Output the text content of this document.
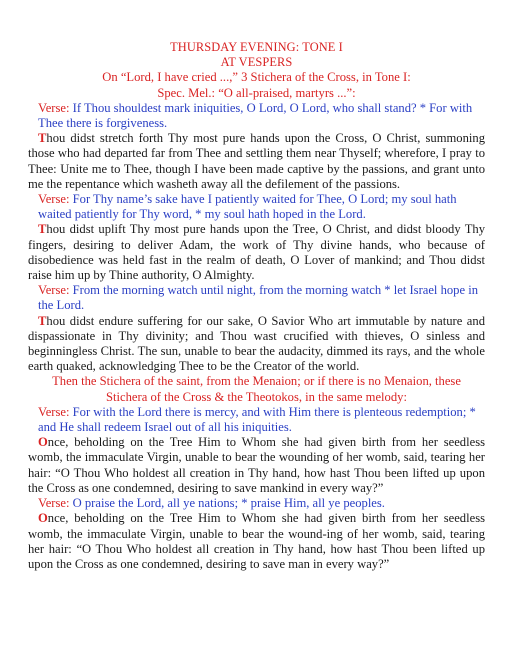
THURSDAY EVENING: TONE I

AT VESPERS

On “Lord, I have cried ...,” 3 Stichera of the Cross, in Tone I:

Spec. Mel.: “O all-praised, martyrs ...”:

Verse: If Thou shouldest mark iniquities, O Lord, O Lord, who shall stand? * For with Thee there is forgiveness.

Thou didst stretch forth Thy most pure hands upon the Cross, O Christ, summoning those who had departed far from Thee and settling them near Thyself; wherefore, I pray to Thee: Unite me to Thee, though I have been made captive by the passions, and grant unto me the repentance which washeth away all the defilement of the passions.

Verse: For Thy name’s sake have I patiently waited for Thee, O Lord; my soul hath waited patiently for Thy word, * my soul hath hoped in the Lord.

Thou didst uplift Thy most pure hands upon the Tree, O Christ, and didst bloody Thy fingers, desiring to deliver Adam, the work of Thy divine hands, who because of disobedience was held fast in the realm of death, O Lover of mankind; and Thou didst raise him up by Thine authority, O Almighty.

Verse: From the morning watch until night, from the morning watch * let Israel hope in the Lord.

Thou didst endure suffering for our sake, O Savior Who art immutable by nature and dispassionate in Thy divinity; and Thou wast crucified with thieves, O sinless and beginningless Christ. The sun, unable to bear the audacity, dimmed its rays, and the whole earth quaked, acknowledging Thee to be the Creator of the world.

Then the Stichera of the saint, from the Menaion; or if there is no Menaion, these

Stichera of the Cross & the Theotokos, in the same melody:

Verse: For with the Lord there is mercy, and with Him there is plenteous redemption; * and He shall redeem Israel out of all his iniquities.

Once, beholding on the Tree Him to Whom she had given birth from her seedless womb, the immaculate Virgin, unable to bear the wounding of her womb, said, tearing her hair: “O Thou Who holdest all creation in Thy hand, how hast Thou been lifted up upon the Cross as one condemned, desiring to save mankind in every way?”

Verse: O praise the Lord, all ye nations; * praise Him, all ye peoples.

Once, beholding on the Tree Him to Whom she had given birth from her seedless womb, the immaculate Virgin, unable to bear the wound-ing of her womb, said, tearing her hair: “O Thou Who holdest all creation in Thy hand, how hast Thou been lifted up upon the Cross as one condemned, desiring to save man in every way?”
